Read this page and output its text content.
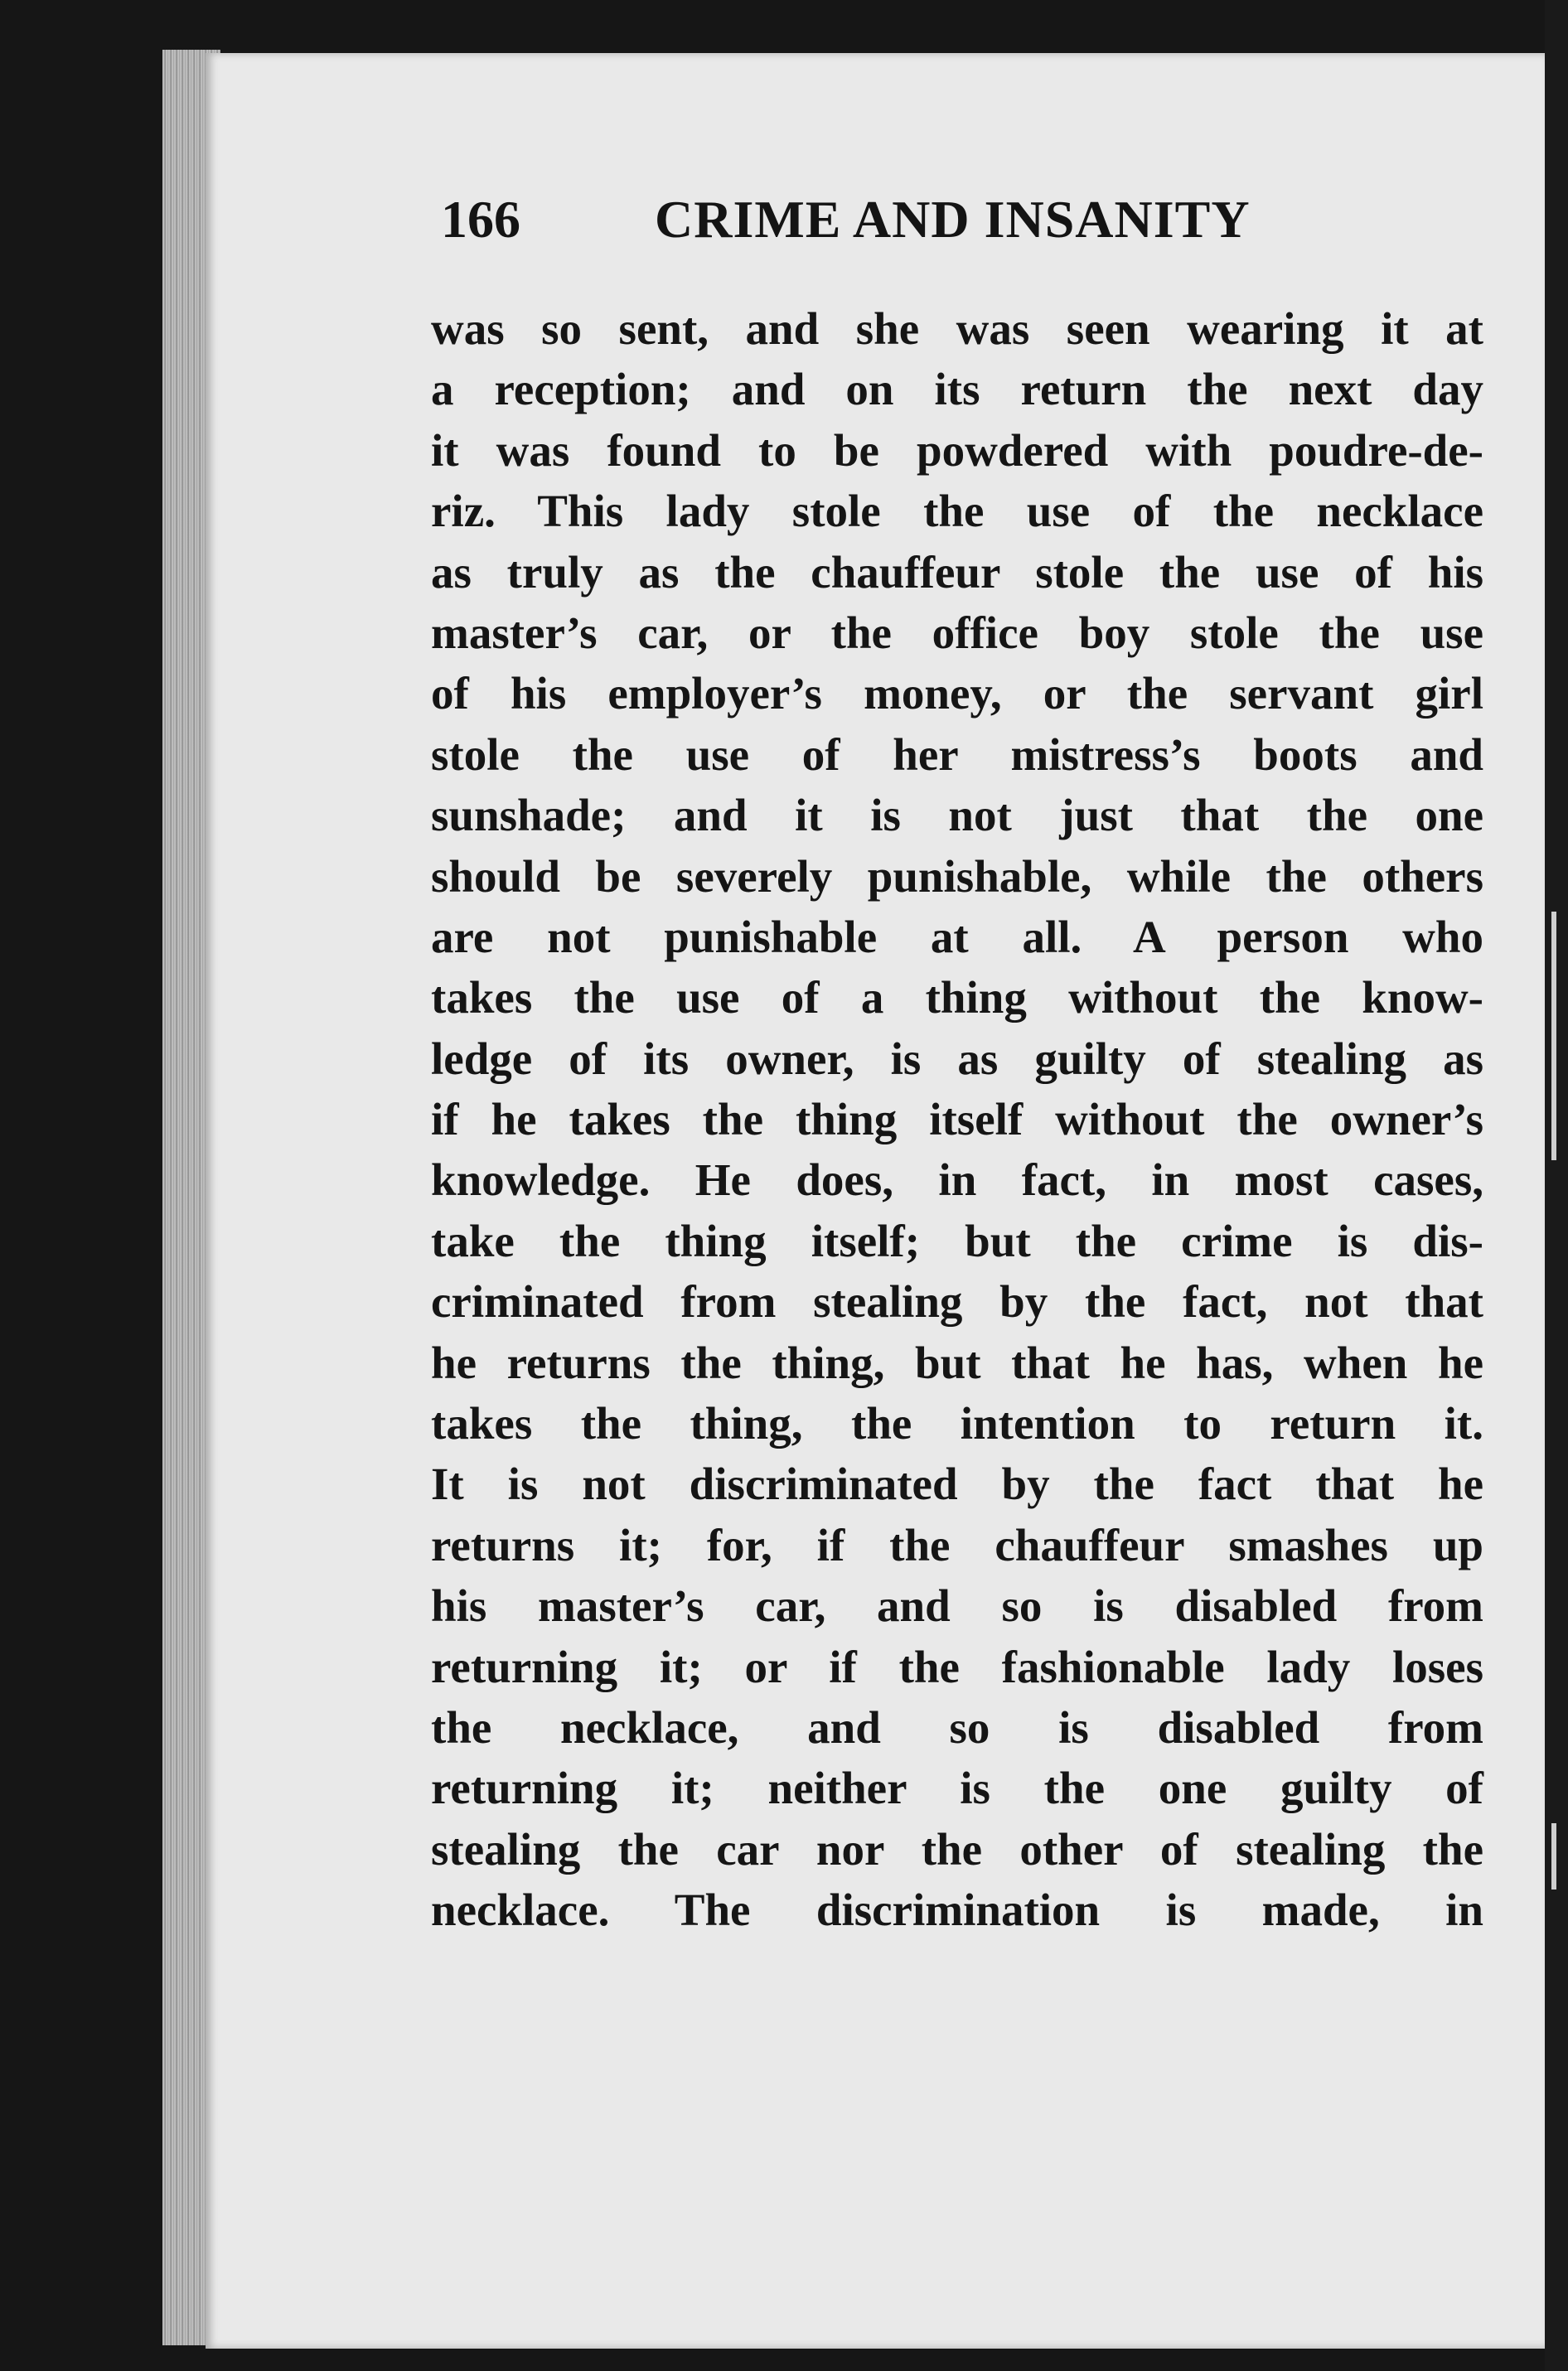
166	CRIME AND INSANITY
was so sent, and she was seen wearing it at
a reception; and on its return the next day
it was found to be powdered with poudre-de-
riz. This lady stole the use of the necklace
as truly as the chauffeur stole the use of his
master’s car, or the office boy stole the use
of his employer’s money, or the servant girl
stole the use of her mistress’s boots and
sunshade; and it is not just that the one
should be severely punishable, while the others
are not punishable at all. A person who
takes the use of a thing without the know-
ledge of its owner, is as guilty of stealing as
if he takes the thing itself without the owner’s
knowledge. He does, in fact, in most cases,
take the thing itself; but the crime is dis-
criminated from stealing by the fact, not that
he returns the thing, but that he has, when he
takes the thing, the intention to return it.
It is not discriminated by the fact that he
returns it; for, if the chauffeur smashes up
his master’s car, and so is disabled from
returning it; or if the fashionable lady loses
the necklace, and so is disabled from
returning it; neither is the one guilty of
stealing the car nor the other of stealing the
necklace. The discrimination is made, in
